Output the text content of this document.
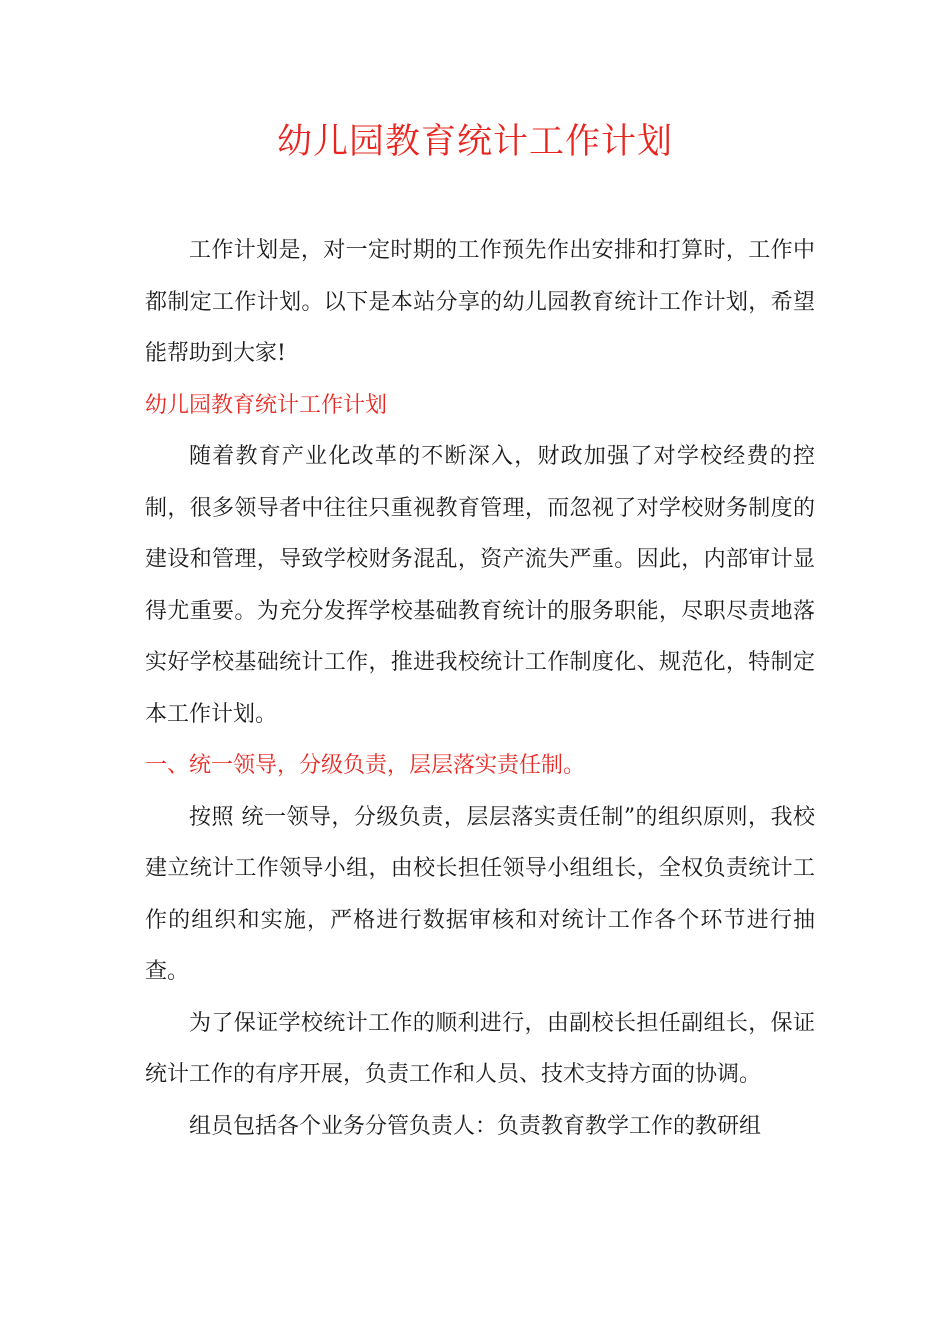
幼儿园教育统计工作计划

工作计划是，对一定时期的工作预先作出安排和打算时，工作中都制定工作计划。以下是本站分享的幼儿园教育统计工作计划，希望能帮助到大家!

幼儿园教育统计工作计划

随着教育产业化改革的不断深入，财政加强了对学校经费的控制，很多领导者中往往只重视教育管理，而忽视了对学校财务制度的建设和管理，导致学校财务混乱，资产流失严重。因此，内部审计显得尤重要。为充分发挥学校基础教育统计的服务职能，尽职尽责地落实好学校基础统计工作，推进我校统计工作制度化、规范化，特制定本工作计划。

一、统一领导，分级负责，层层落实责任制。

按照 统一领导，分级负责，层层落实责任制”的组织原则，我校建立统计工作领导小组，由校长担任领导小组组长，全权负责统计工作的组织和实施，严格进行数据审核和对统计工作各个环节进行抽查。

为了保证学校统计工作的顺利进行，由副校长担任副组长，保证统计工作的有序开展，负责工作和人员、技术支持方面的协调。

组员包括各个业务分管负责人：负责教育教学工作的教研组
